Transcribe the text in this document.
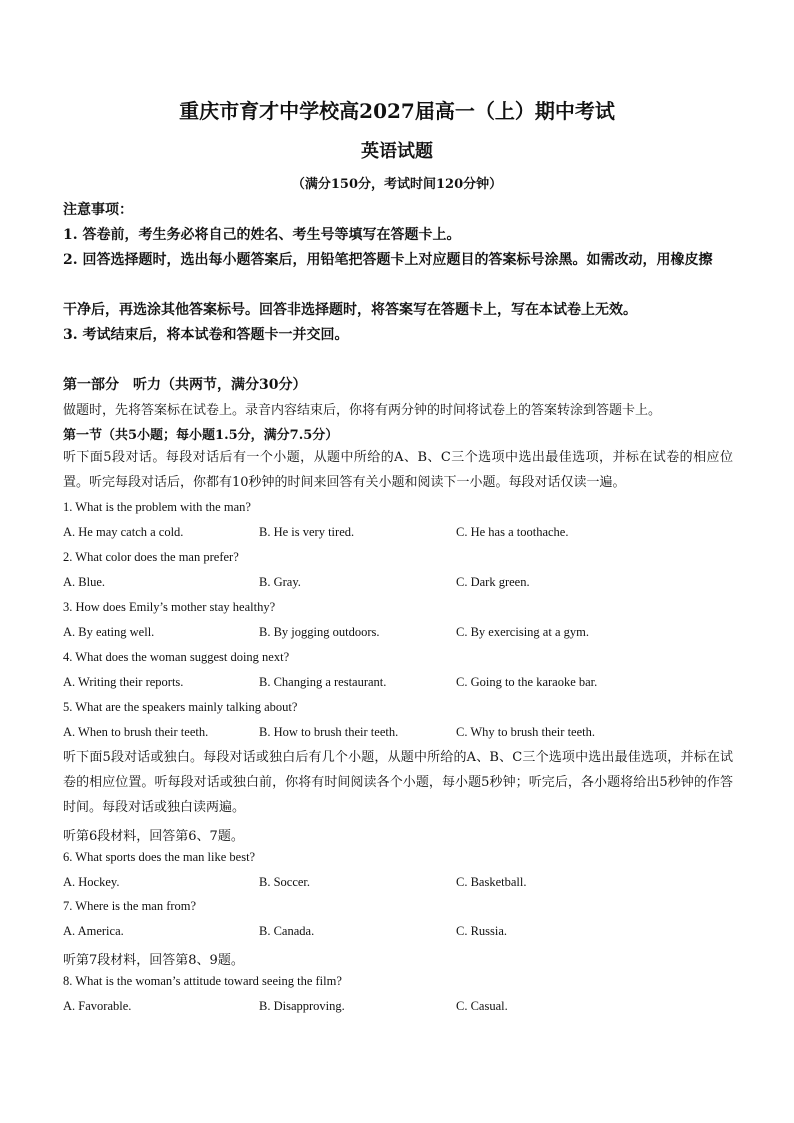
重庆市育才中学校高2027届高一（上）期中考试
英语试题
（满分150分，考试时间120分钟）
注意事项：
1. 答卷前，考生务必将自己的姓名、考生号等填写在答题卡上。
2. 回答选择题时，选出每小题答案后，用铅笔把答题卡上对应题目的答案标号涂黑。如需改动，用橡皮擦
干净后，再选涂其他答案标号。回答非选择题时，将答案写在答题卡上，写在本试卷上无效。
3. 考试结束后，将本试卷和答题卡一并交回。
第一部分　听力（共两节，满分30分）
做题时，先将答案标在试卷上。录音内容结束后，你将有两分钟的时间将试卷上的答案转涂到答题卡上。
第一节（共5小题；每小题1.5分，满分7.5分）
听下面5段对话。每段对话后有一个小题，从题中所给的A、B、C三个选项中选出最佳选项，并标在试卷的相应位置。听完每段对话后，你都有10秒钟的时间来回答有关小题和阅读下一小题。每段对话仅读一遍。
1. What is the problem with the man?
A. He may catch a cold.	B. He is very tired.	C. He has a toothache.
2. What color does the man prefer?
A. Blue.	B. Gray.	C. Dark green.
3. How does Emily’s mother stay healthy?
A. By eating well.	B. By jogging outdoors.	C. By exercising at a gym.
4. What does the woman suggest doing next?
A. Writing their reports.	B. Changing a restaurant.	C. Going to the karaoke bar.
5. What are the speakers mainly talking about?
A. When to brush their teeth.	B. How to brush their teeth.	C. Why to brush their teeth.
听下面5段对话或独白。每段对话或独白后有几个小题，从题中所给的A、B、C三个选项中选出最佳选项，并标在试卷的相应位置。听每段对话或独白前，你将有时间阅读各个小题，每小题5秒钟；听完后，各小题将给出5秒钟的作答时间。每段对话或独白读两遍。
听第6段材料，回答第6、7题。
6. What sports does the man like best?
A. Hockey.	B. Soccer.	C. Basketball.
7. Where is the man from?
A. America.	B. Canada.	C. Russia.
听第7段材料，回答第8、9题。
8. What is the woman’s attitude toward seeing the film?
A. Favorable.	B. Disapproving.	C. Casual.
